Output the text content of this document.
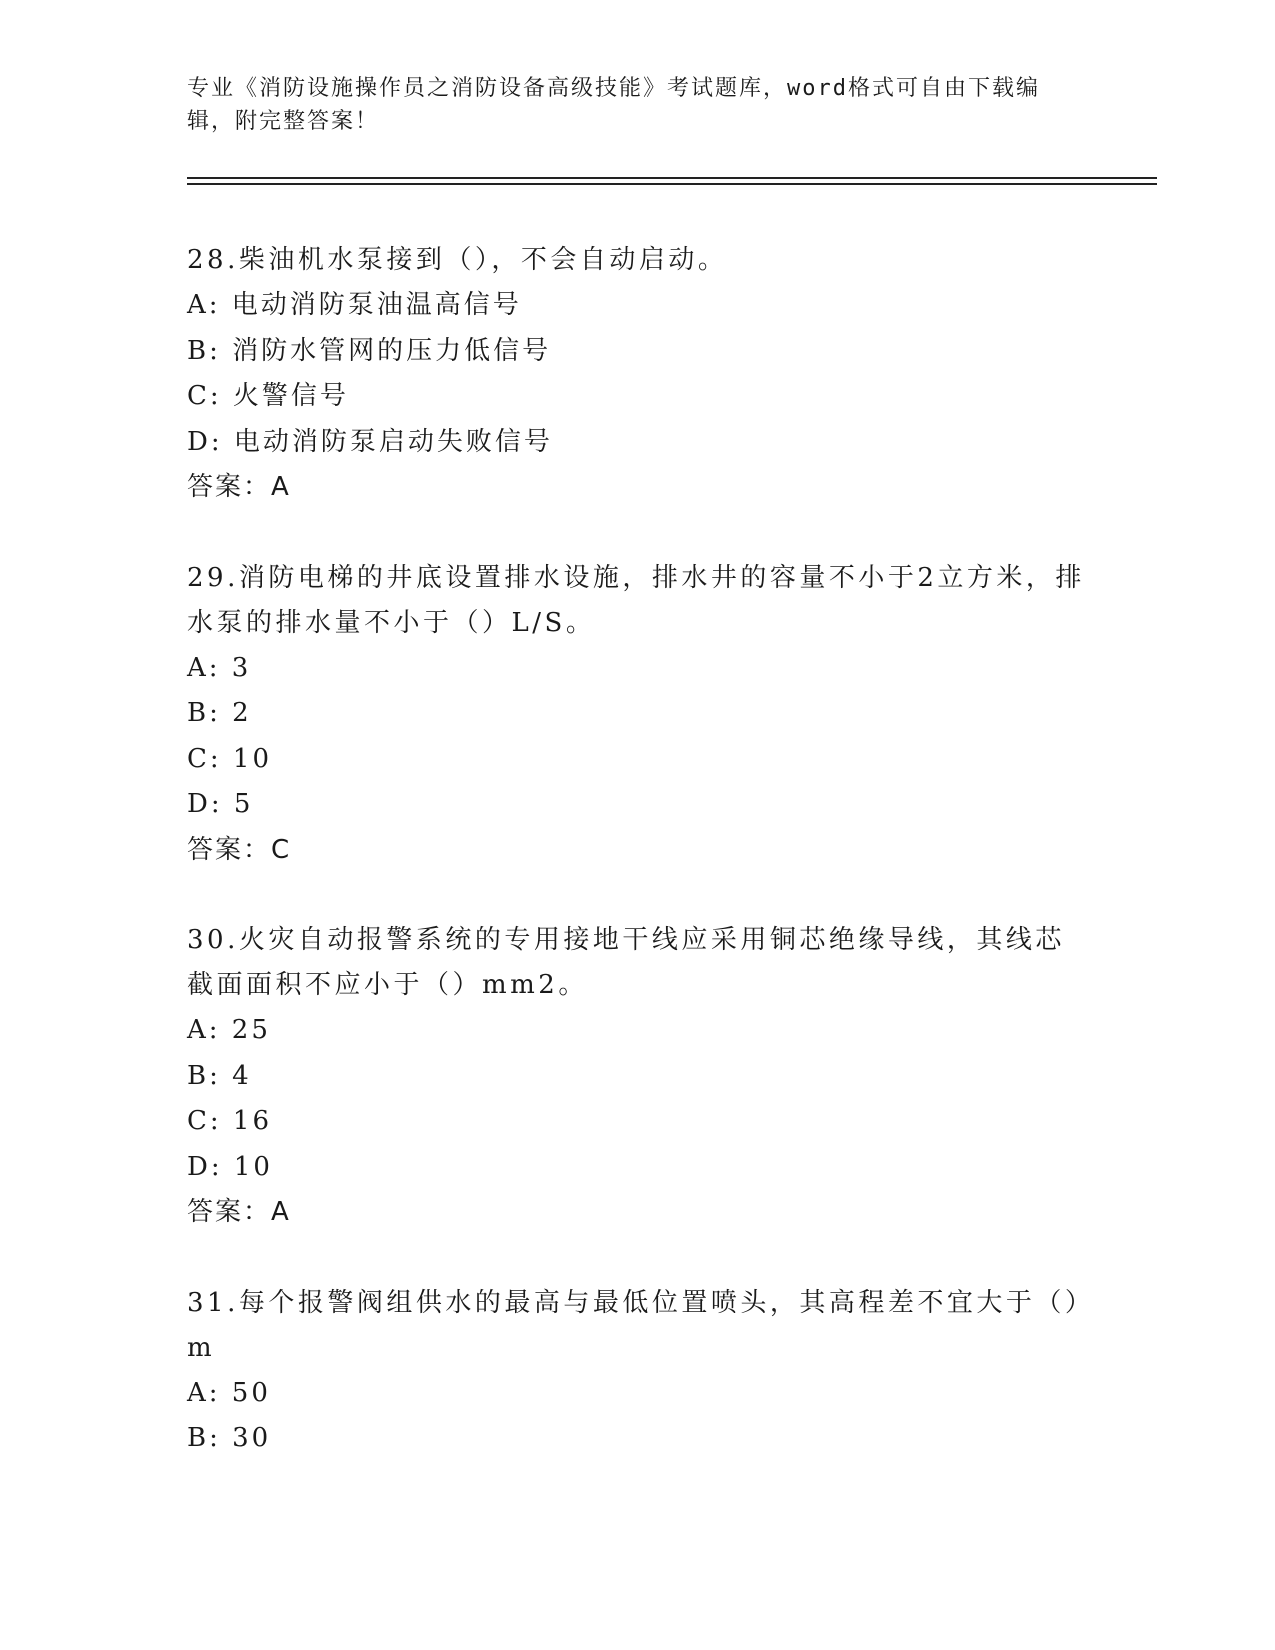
专业《消防设施操作员之消防设备高级技能》考试题库，word格式可自由下载编辑，附完整答案！
28.柴油机水泵接到（），不会自动启动。
A: 电动消防泵油温高信号
B: 消防水管网的压力低信号
C: 火警信号
D: 电动消防泵启动失败信号
答案：A
29.消防电梯的井底设置排水设施，排水井的容量不小于2立方米，排水泵的排水量不小于（）L/S。
A: 3
B: 2
C: 10
D: 5
答案：C
30.火灾自动报警系统的专用接地干线应采用铜芯绝缘导线，其线芯截面面积不应小于（）mm2。
A: 25
B: 4
C: 16
D: 10
答案：A
31.每个报警阀组供水的最高与最低位置喷头，其高程差不宜大于（）m
A: 50
B: 30
